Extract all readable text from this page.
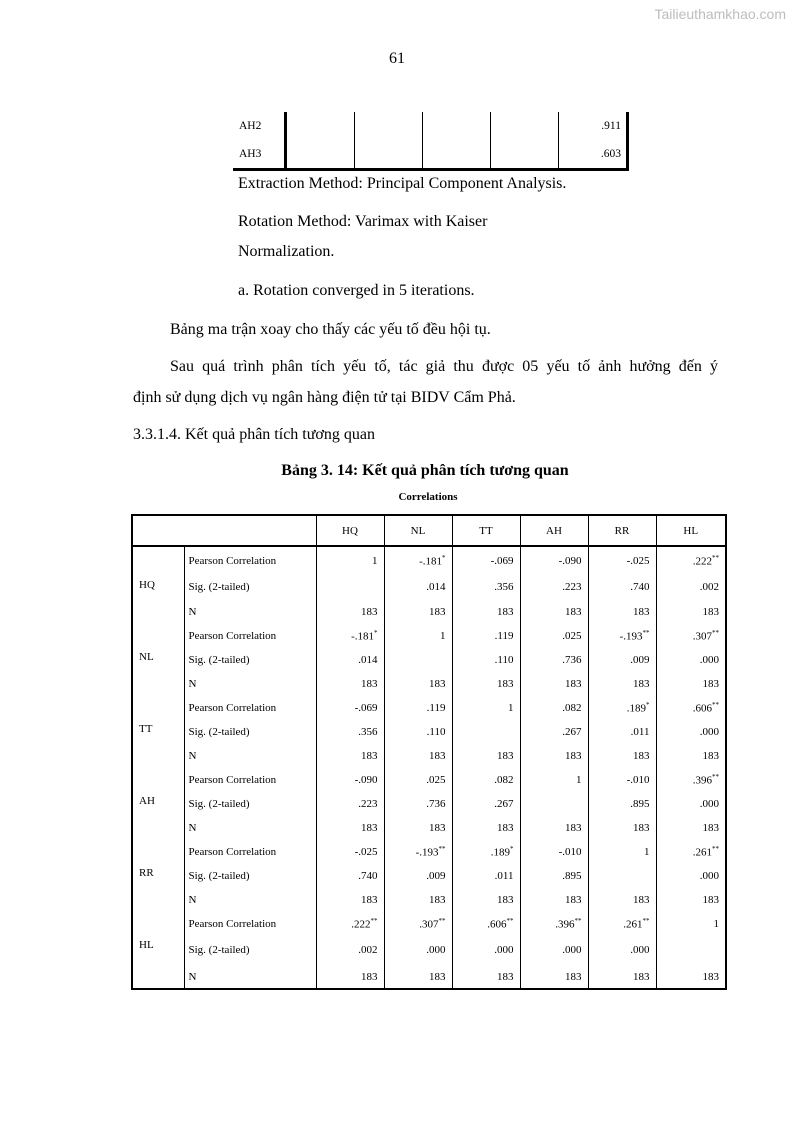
Tailieuthamkhao.com
61
AH2					.911
AH3					.603
Extraction Method: Principal Component Analysis.
Rotation Method: Varimax with Kaiser
Normalization.
a. Rotation converged in 5 iterations.
Bảng ma trận xoay cho thấy các yếu tố đều hội tụ.
Sau quá trình phân tích yếu tố, tác giả thu được 05 yếu tố ảnh hưởng đến ý
định sử dụng dịch vụ ngân hàng điện tử tại BIDV Cẩm Phả.
3.3.1.4. Kết quả phân tích tương quan
Bảng 3. 14: Kết quả phân tích tương quan
Correlations
		HQ	NL	TT	AH	RR	HL
HQ	Pearson Correlation	1	-.181*	-.069	-.090	-.025	.222**
	Sig. (2-tailed)		.014	.356	.223	.740	.002
	N	183	183	183	183	183	183
NL	Pearson Correlation	-.181*	1	.119	.025	-.193**	.307**
	Sig. (2-tailed)	.014		.110	.736	.009	.000
	N	183	183	183	183	183	183
TT	Pearson Correlation	-.069	.119	1	.082	.189*	.606**
	Sig. (2-tailed)	.356	.110		.267	.011	.000
	N	183	183	183	183	183	183
AH	Pearson Correlation	-.090	.025	.082	1	-.010	.396**
	Sig. (2-tailed)	.223	.736	.267		.895	.000
	N	183	183	183	183	183	183
RR	Pearson Correlation	-.025	-.193**	.189*	-.010	1	.261**
	Sig. (2-tailed)	.740	.009	.011	.895		.000
	N	183	183	183	183	183	183
HL	Pearson Correlation	.222**	.307**	.606**	.396**	.261**	1
	Sig. (2-tailed)	.002	.000	.000	.000	.000	
	N	183	183	183	183	183	183
